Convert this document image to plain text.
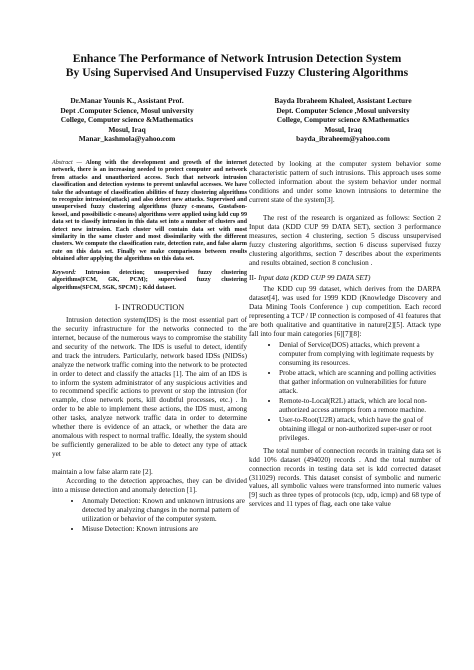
Enhance The Performance of Network Intrusion Detection System
By Using Supervised And Unsupervised Fuzzy Clustering Algorithms
Dr.Manar Younis K., Assistant Prof.
Dept .Computer Science, Mosul university
College, Computer science &Mathematics
Mosul, Iraq
Manar_kashmola@yahoo.com
Bayda Ibraheem Khaleel, Assistant Lecture
Dept. Computer Science ,Mosul university
College, Computer science &Mathematics
Mosul, Iraq
bayda_ibraheem@yahoo.com

Abstract — Along with the development and growth of the internet network, there is an increasing needed to protect computer and network from attacks and unauthorized access. Such that network intrusion classification and detection systems to prevent unlawful accesses. We have take the advantage of classification abilities of fuzzy clustering algorithms to recognize intrusion(attack) and also detect new attacks. Supervised and unsupervised fuzzy clustering algorithms (fuzzy c-means, Gustafson-kessel, and possibilistic c-means) algorithms were applied using kdd cup 99 data set to classify intrusion in this data set into a number of clusters and detect new intrusion. Each cluster will contain data set with most similarity in the same cluster and most dissimilarity with the different clusters. We compute the classification rate, detection rate, and false alarm rate on this data set. Finally we make comparisons between results obtained after applying the algorithms on this data set.

Keyword: Intrusion detection; unsupervised fuzzy clustering algorithms(FCM, GK, PCM); supervised fuzzy clustering algorithms(SFCM, SGK, SPCM) ; Kdd dataset.

I- INTRODUCTION

Intrusion detection system(IDS) is the most essential part of the security infrastructure for the networks connected to the internet, because of the numerous ways to compromise the stability and security of the network. The IDS is useful to detect, identify and track the intruders. Particularly, network based IDSs (NIDSs) analyze the network traffic coming into the network to be protected in order to detect and classify the attacks [1]. The aim of an IDS is to inform the system administrator of any suspicious activities and to recommend specific actions to prevent or stop the intrusion (for example, close network ports, kill doubtful processes, etc.) . In order to be able to implement these actions, the IDS must, among other tasks, analyze network traffic data in order to determine whether there is evidence of an attack, or whether the data are anomalous with respect to normal traffic. Ideally, the system should be sufficiently generalized to be able to detect any type of attack yet

maintain a low false alarm rate [2].

According to the detection approaches, they can be divided into a misuse detection and anomaly detection [1].

• Anomaly Detection: Known and unknown intrusions are detected by analyzing changes in the normal pattern of utilization or behavior of the computer system.
• Misuse Detection: Known intrusions are

detected by looking at the computer system behavior some characteristic pattern of such intrusions. This approach uses some collected information about the system behavior under normal conditions and under some known intrusions to determine the current state of the system[3].

The rest of the research is organized as follows: Section 2 Input data (KDD CUP 99 DATA SET), section 3 performance measures, section 4 clustering, section 5 discuss unsupervised fuzzy clustering algorithms, section 6 discuss supervised fuzzy clustering algorithms, section 7 describes about the experiments and results obtained, section 8 conclusion .

II- Input data (KDD CUP 99 DATA SET)

The KDD cup 99 dataset, which derives from the DARPA dataset[4], was used for 1999 KDD (Knowledge Discovery and Data Mining Tools Conference ) cup competition. Each record representing a TCP / IP connection is composed of 41 features that are both qualitative and quantitative in nature[2][5]. Attack type fall into four main categories [6][7][8]:

• Denial of Service(DOS) attacks, which prevent a computer from complying with legitimate requests by consuming its resources.
• Probe attack, which are scanning and polling activities that gather information on vulnerabilities for future attack.
• Remote-to-Local(R2L) attack, which are local non-authorized access attempts from a remote machine.
• User-to-Root(U2R) attack, which have the goal of obtaining illegal or non-authorized super-user or root privileges.

The total number of connection records in training data set is kdd 10% dataset (494020) records . And the total number of connection records in testing data set is kdd corrected dataset (311029) records. This dataset consist of symbolic and numeric values, all symbolic values were transformed into numeric values [9] such as three types of protocols (tcp, udp, icmp) and 68 type of services and 11 types of flag, each one take value
